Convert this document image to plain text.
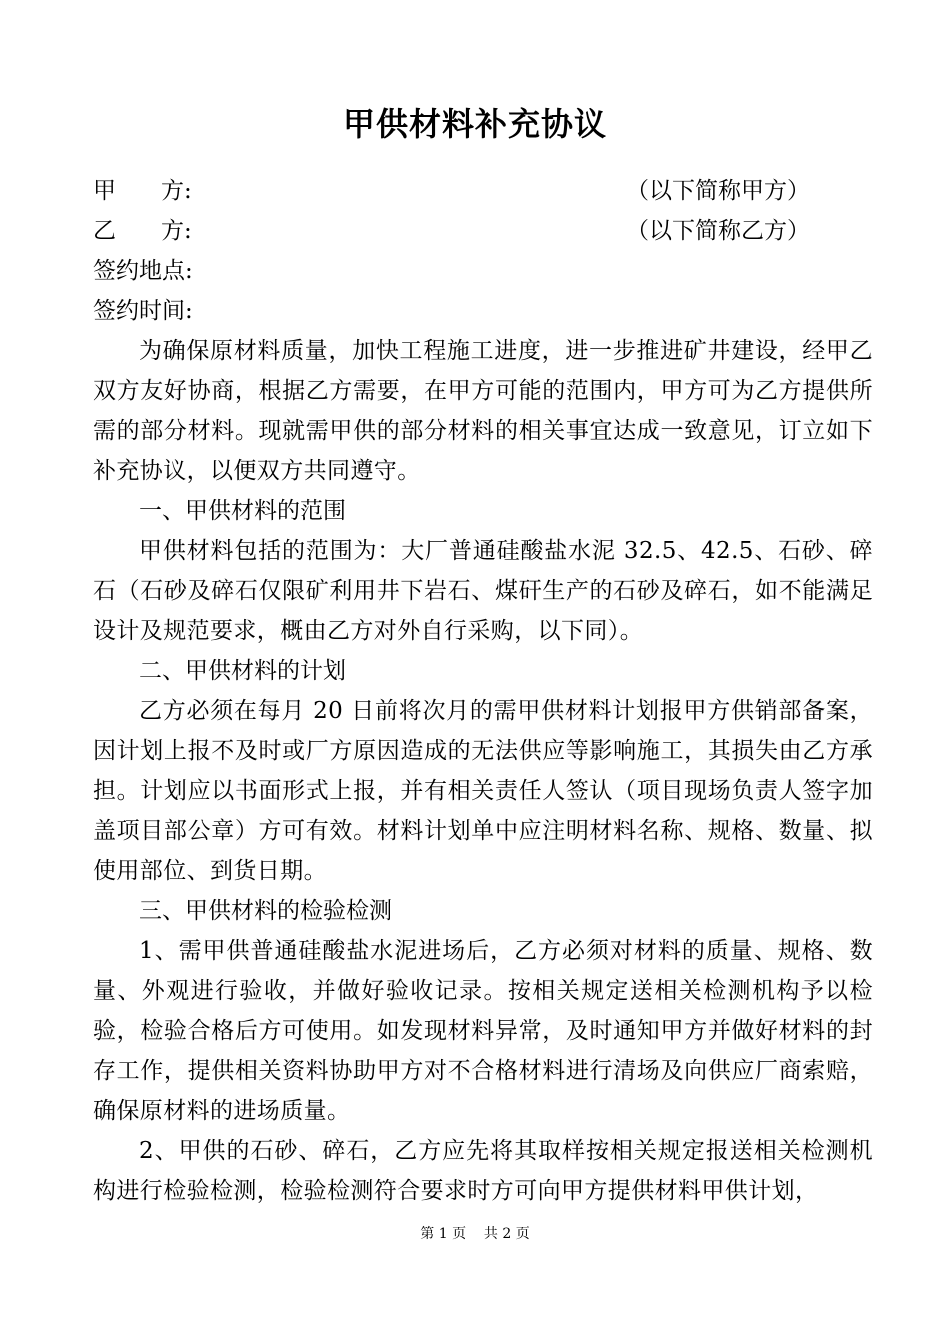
甲供材料补充协议
甲 方 :	（以下简称甲方）
乙 方 :	（以下简称乙方）
签约地点:
签约时间:

为确保原材料质量，加快工程施工进度，进一步推进矿井建设，经甲乙双方友好协商，根据乙方需要，在甲方可能的范围内，甲方可为乙方提供所需的部分材料。现就需甲供的部分材料的相关事宜达成一致意见，订立如下补充协议，以便双方共同遵守。

一、甲供材料的范围

甲供材料包括的范围为：大厂普通硅酸盐水泥 32.5、42.5、石砂、碎石（石砂及碎石仅限矿利用井下岩石、煤矸生产的石砂及碎石，如不能满足设计及规范要求，概由乙方对外自行采购，以下同）。

二、甲供材料的计划

乙方必须在每月 20 日前将次月的需甲供材料计划报甲方供销部备案，因计划上报不及时或厂方原因造成的无法供应等影响施工，其损失由乙方承担。计划应以书面形式上报，并有相关责任人签认（项目现场负责人签字加盖项目部公章）方可有效。材料计划单中应注明材料名称、规格、数量、拟使用部位、到货日期。

三、甲供材料的检验检测

1、需甲供普通硅酸盐水泥进场后，乙方必须对材料的质量、规格、数量、外观进行验收，并做好验收记录。按相关规定送相关检测机构予以检验，检验合格后方可使用。如发现材料异常，及时通知甲方并做好材料的封存工作，提供相关资料协助甲方对不合格材料进行清场及向供应厂商索赔，确保原材料的进场质量。

2、甲供的石砂、碎石，乙方应先将其取样按相关规定报送相关检测机构进行检验检测，检验检测符合要求时方可向甲方提供材料甲供计划，

第 1 页    共 2 页
